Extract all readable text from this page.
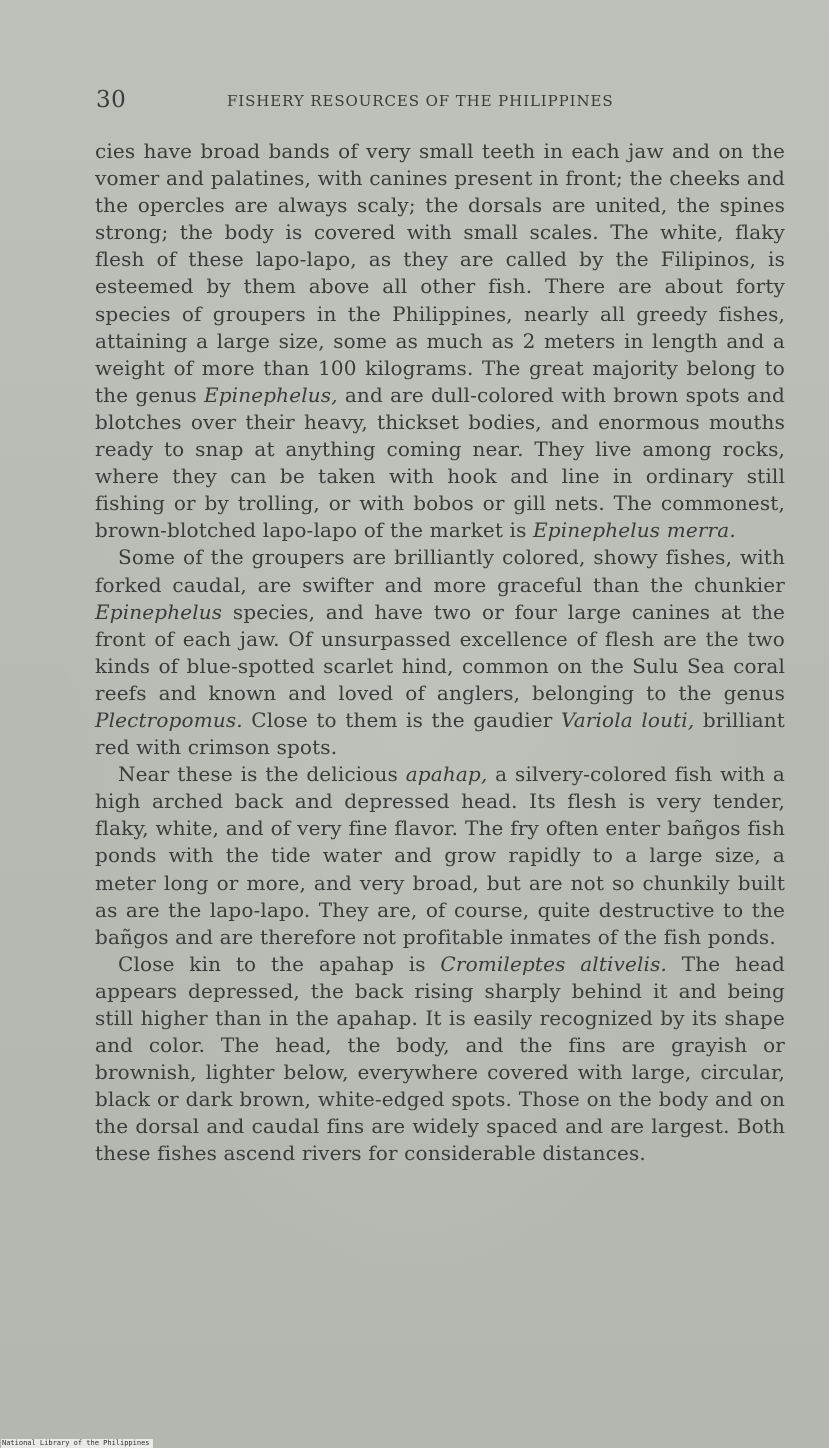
30	FISHERY RESOURCES OF THE PHILIPPINES

cies have broad bands of very small teeth in each jaw and on the vomer and palatines, with canines present in front; the cheeks and the opercles are always scaly; the dorsals are united, the spines strong; the body is covered with small scales. The white, flaky flesh of these lapo-lapo, as they are called by the Filipinos, is esteemed by them above all other fish. There are about forty species of groupers in the Philippines, nearly all greedy fishes, attaining a large size, some as much as 2 meters in length and a weight of more than 100 kilograms. The great majority belong to the genus Epinephelus, and are dull-colored with brown spots and blotches over their heavy, thickset bodies, and enormous mouths ready to snap at anything coming near. They live among rocks, where they can be taken with hook and line in ordinary still fishing or by trolling, or with bobos or gill nets. The commonest, brown-blotched lapo-lapo of the market is Epinephelus merra.

Some of the groupers are brilliantly colored, showy fishes, with forked caudal, are swifter and more graceful than the chunkier Epinephelus species, and have two or four large canines at the front of each jaw. Of unsurpassed excellence of flesh are the two kinds of blue-spotted scarlet hind, common on the Sulu Sea coral reefs and known and loved of anglers, belonging to the genus Plectropomus. Close to them is the gaudier Variola louti, brilliant red with crimson spots.

Near these is the delicious apahap, a silvery-colored fish with a high arched back and depressed head. Its flesh is very tender, flaky, white, and of very fine flavor. The fry often enter bañgos fish ponds with the tide water and grow rapidly to a large size, a meter long or more, and very broad, but are not so chunkily built as are the lapo-lapo. They are, of course, quite destructive to the bañgos and are therefore not profitable inmates of the fish ponds.

Close kin to the apahap is Cromileptes altivelis. The head appears depressed, the back rising sharply behind it and being still higher than in the apahap. It is easily recognized by its shape and color. The head, the body, and the fins are grayish or brownish, lighter below, everywhere covered with large, circular, black or dark brown, white-edged spots. Those on the body and on the dorsal and caudal fins are widely spaced and are largest. Both these fishes ascend rivers for considerable distances.

National Library of the Philippines
